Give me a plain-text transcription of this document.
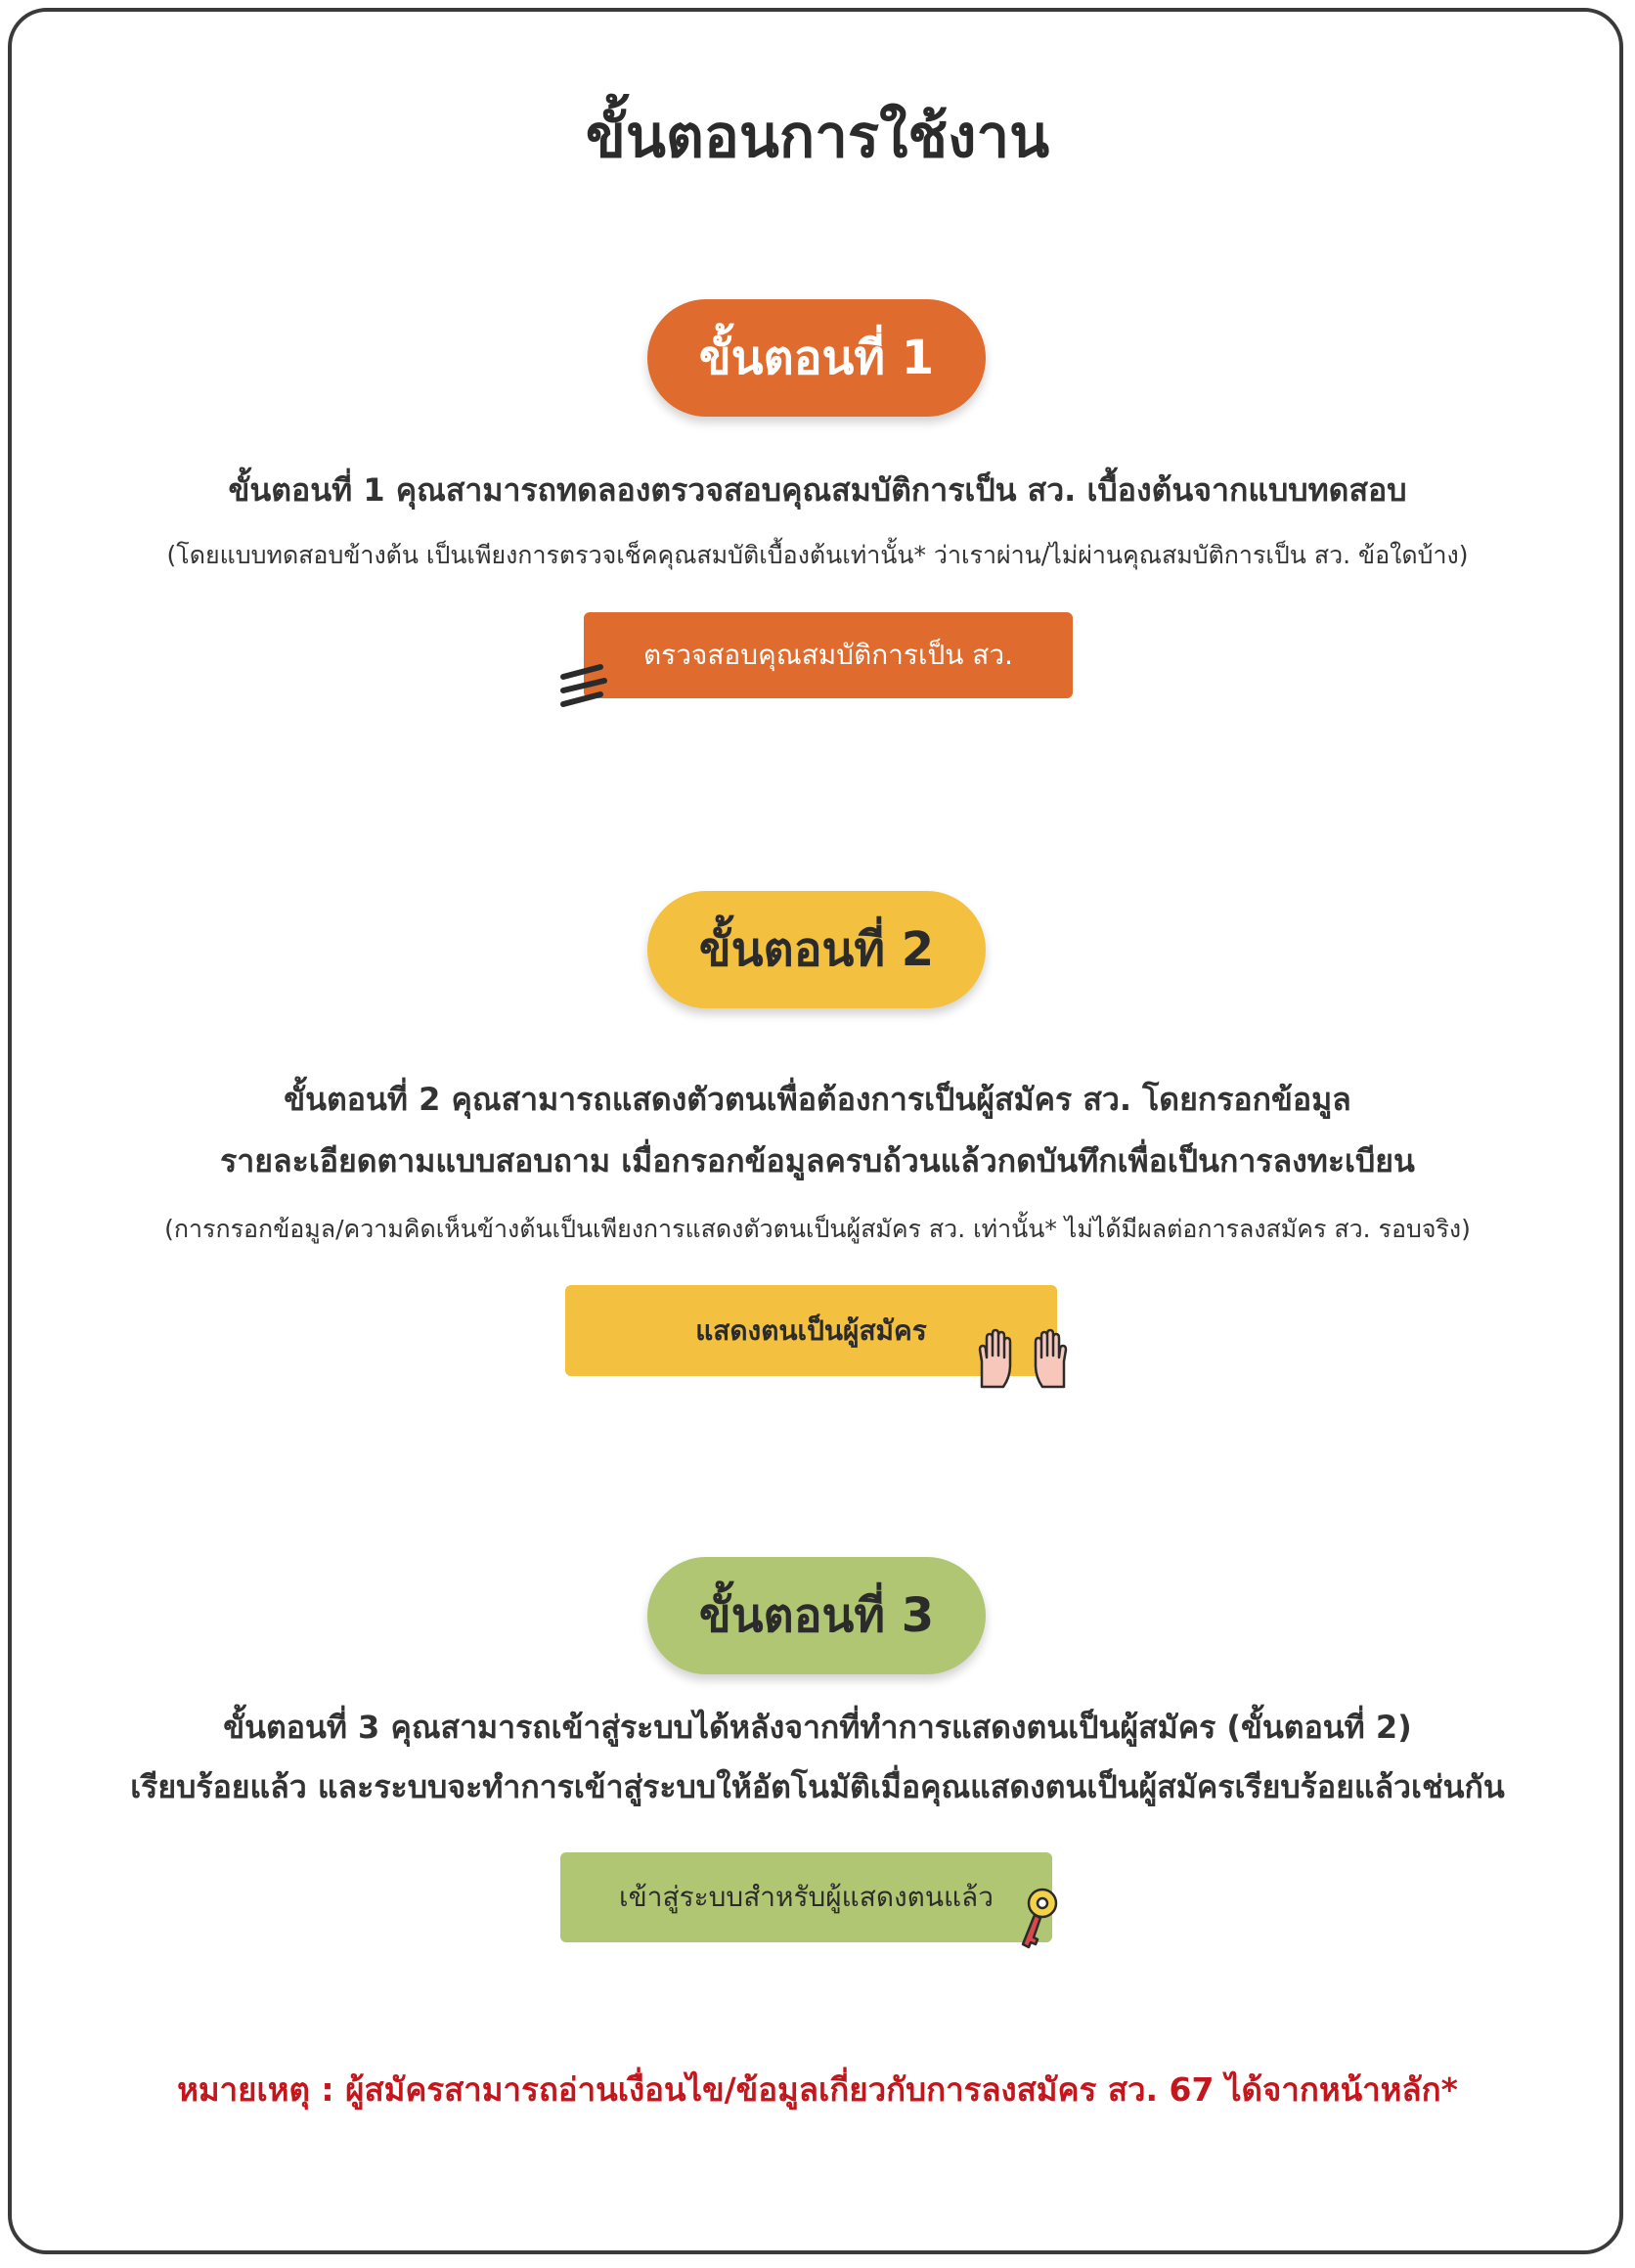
ขั้นตอนการใช้งาน
ขั้นตอนที่ 1
ขั้นตอนที่ 1 คุณสามารถทดลองตรวจสอบคุณสมบัติการเป็น สว. เบื้องต้นจากแบบทดสอบ
(โดยแบบทดสอบข้างต้น เป็นเพียงการตรวจเช็คคุณสมบัติเบื้องต้นเท่านั้น* ว่าเราผ่าน/ไม่ผ่านคุณสมบัติการเป็น สว. ข้อใดบ้าง)
ตรวจสอบคุณสมบัติการเป็น สว.
ขั้นตอนที่ 2
ขั้นตอนที่ 2 คุณสามารถแสดงตัวตนเพื่อต้องการเป็นผู้สมัคร สว. โดยกรอกข้อมูล
รายละเอียดตามแบบสอบถาม เมื่อกรอกข้อมูลครบถ้วนแล้วกดบันทึกเพื่อเป็นการลงทะเบียน
(การกรอกข้อมูล/ความคิดเห็นข้างต้นเป็นเพียงการแสดงตัวตนเป็นผู้สมัคร สว. เท่านั้น* ไม่ได้มีผลต่อการลงสมัคร สว. รอบจริง)
แสดงตนเป็นผู้สมัคร
ขั้นตอนที่ 3
ขั้นตอนที่ 3 คุณสามารถเข้าสู่ระบบได้หลังจากที่ทำการแสดงตนเป็นผู้สมัคร (ขั้นตอนที่ 2)
เรียบร้อยแล้ว และระบบจะทำการเข้าสู่ระบบให้อัตโนมัติเมื่อคุณแสดงตนเป็นผู้สมัครเรียบร้อยแล้วเช่นกัน
เข้าสู่ระบบสำหรับผู้แสดงตนแล้ว
หมายเหตุ : ผู้สมัครสามารถอ่านเงื่อนไข/ข้อมูลเกี่ยวกับการลงสมัคร สว. 67 ได้จากหน้าหลัก*
